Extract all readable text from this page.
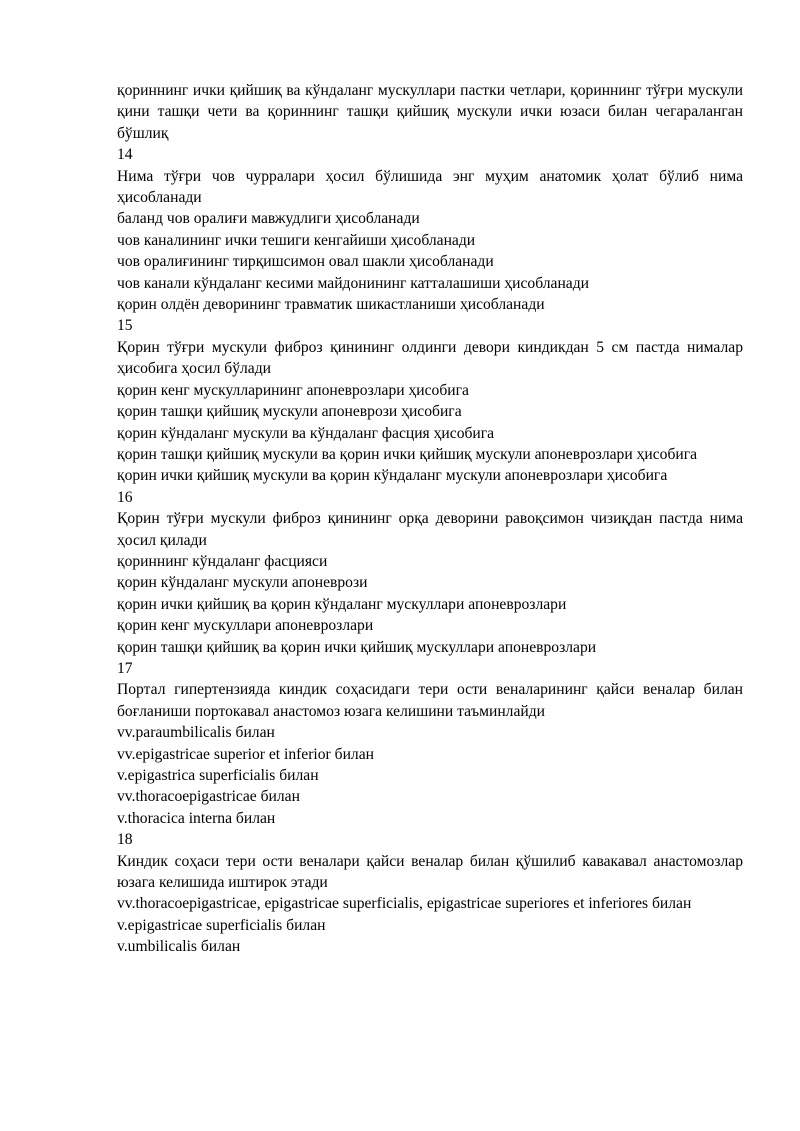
қориннинг ички қийшиқ ва кўндаланг мускуллари пастки четлари, қориннинг тўғри мускули қини ташқи чети ва қориннинг ташқи қийшиқ мускули ички юзаси билан чегараланган бўшлиқ

14

Нима тўғри чов чурралари ҳосил бўлишида энг муҳим анатомик ҳолат бўлиб нима ҳисобланади

баланд чов оралиғи мавжудлиги ҳисобланади

чов каналининг ички тешиги кенгайиши ҳисобланади

чов оралиғининг тирқишсимон овал шакли ҳисобланади

чов канали кўндаланг кесими майдонининг катталашиши ҳисобланади

қорин олдён деворининг травматик шикастланиши ҳисобланади

15

Қорин тўғри мускули фиброз қинининг олдинги девори киндикдан 5 см пастда нималар ҳисобига ҳосил бўлади

қорин кенг мускулларининг апоневрозлари ҳисобига

қорин ташқи қийшиқ мускули апоневрози ҳисобига

қорин кўндаланг мускули ва кўндаланг фасция ҳисобига

қорин ташқи қийшиқ мускули ва қорин ички қийшиқ мускули апоневрозлари ҳисобига

қорин ички қийшиқ мускули ва қорин кўндаланг мускули апоневрозлари ҳисобига

16

Қорин тўғри мускули фиброз қинининг орқа деворини равоқсимон чизиқдан пастда нима ҳосил қилади

қориннинг кўндаланг фасцияси

қорин кўндаланг мускули апоневрози

қорин ички қийшиқ ва қорин кўндаланг мускуллари апоневрозлари

қорин кенг мускуллари апоневрозлари

қорин ташқи қийшиқ ва қорин ички қийшиқ мускуллари апоневрозлари

17

Портал гипертензияда киндик соҳасидаги тери ости веналарининг қайси веналар билан боғланиши портокавал анастомоз юзага келишини таъминлайди

vv.paraumbilicalis билан

vv.epigastricae superior et inferior билан

v.epigastrica superficialis билан

vv.thoracoepigastricae билан

v.thoracica interna билан

18

Киндик соҳаси тери ости веналари қайси веналар билан қўшилиб кавакавал анастомозлар юзага келишида иштирок этади

vv.thoracoepigastricae, epigastricae superficialis, epigastricae superiores et inferiores билан

v.epigastricae superficialis билан

v.umbilicalis билан
